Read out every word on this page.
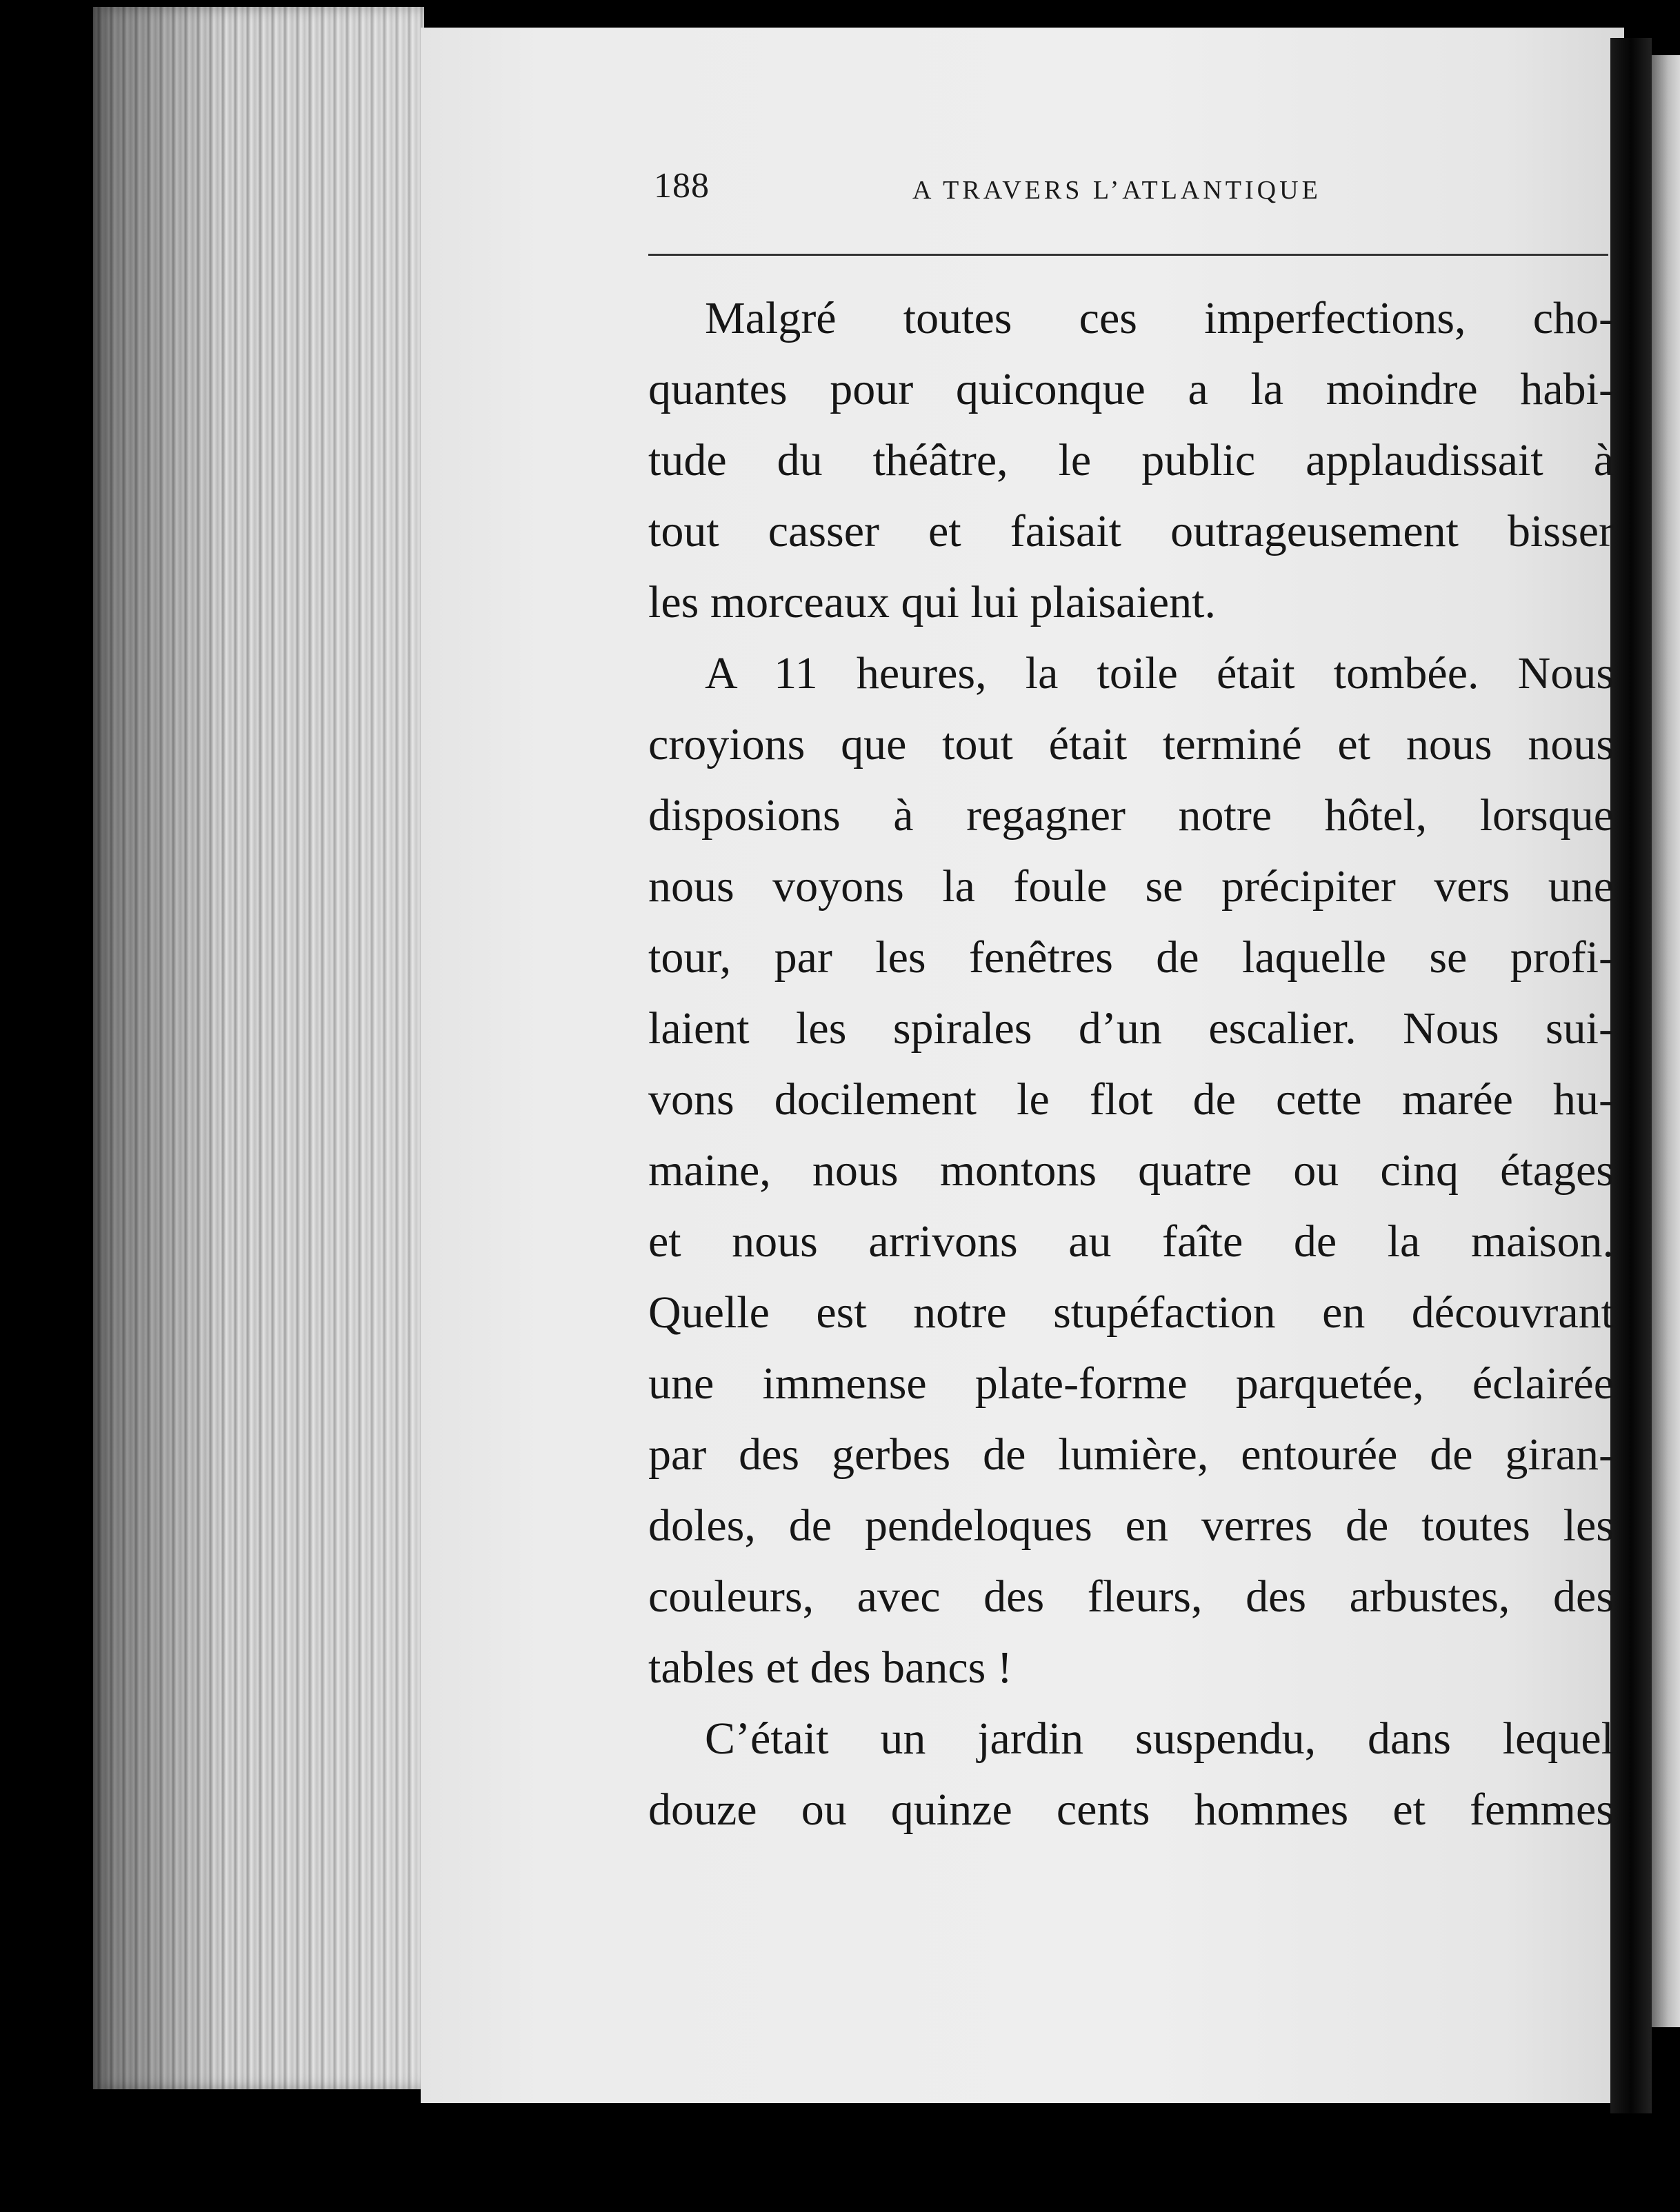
188	A TRAVERS L’ATLANTIQUE
Malgré toutes ces imperfections, cho-
quantes pour quiconque a la moindre habi-
tude du théâtre, le public applaudissait à
tout casser et faisait outrageusement bisser
les morceaux qui lui plaisaient.
A 11 heures, la toile était tombée. Nous
croyions que tout était terminé et nous nous
disposions à regagner notre hôtel, lorsque
nous voyons la foule se précipiter vers une
tour, par les fenêtres de laquelle se profi-
laient les spirales d’un escalier. Nous sui-
vons docilement le flot de cette marée hu-
maine, nous montons quatre ou cinq étages
et nous arrivons au faîte de la maison.
Quelle est notre stupéfaction en découvrant
une immense plate-forme parquetée, éclairée
par des gerbes de lumière, entourée de giran-
doles, de pendeloques en verres de toutes les
couleurs, avec des fleurs, des arbustes, des
tables et des bancs !
C’était un jardin suspendu, dans lequel
douze ou quinze cents hommes et femmes
